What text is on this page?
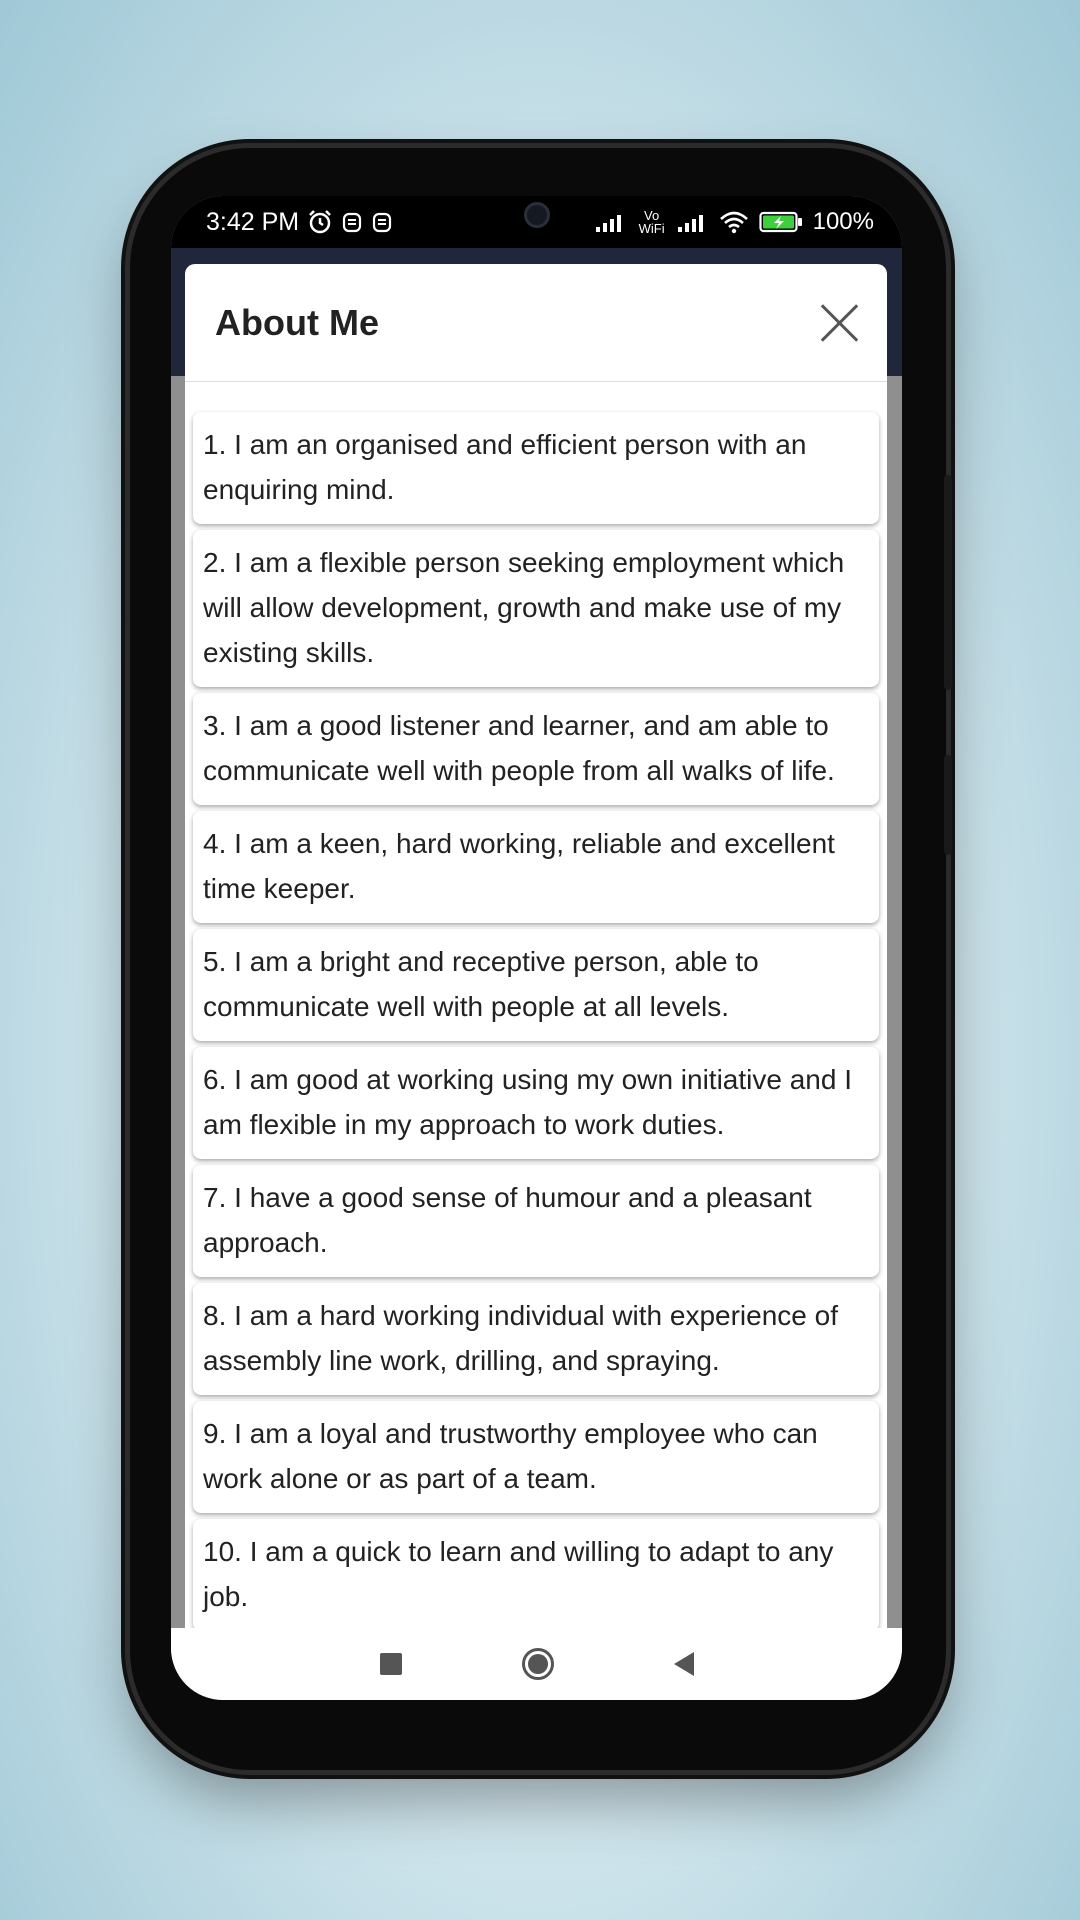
3:42 PM	Vo WiFi	100%
About Me
1. I am an organised and efficient person with an enquiring mind.
2. I am a flexible person seeking employment which will allow development, growth and make use of my existing skills.
3. I am a good listener and learner, and am able to communicate well with people from all walks of life.
4. I am a keen, hard working, reliable and excellent time keeper.
5. I am a bright and receptive person, able to communicate well with people at all levels.
6. I am good at working using my own initiative and I am flexible in my approach to work duties.
7. I have a good sense of humour and a pleasant approach.
8. I am a hard working individual with experience of assembly line work, drilling, and spraying.
9. I am a loyal and trustworthy employee who can work alone or as part of a team.
10. I am a quick to learn and willing to adapt to any job.
